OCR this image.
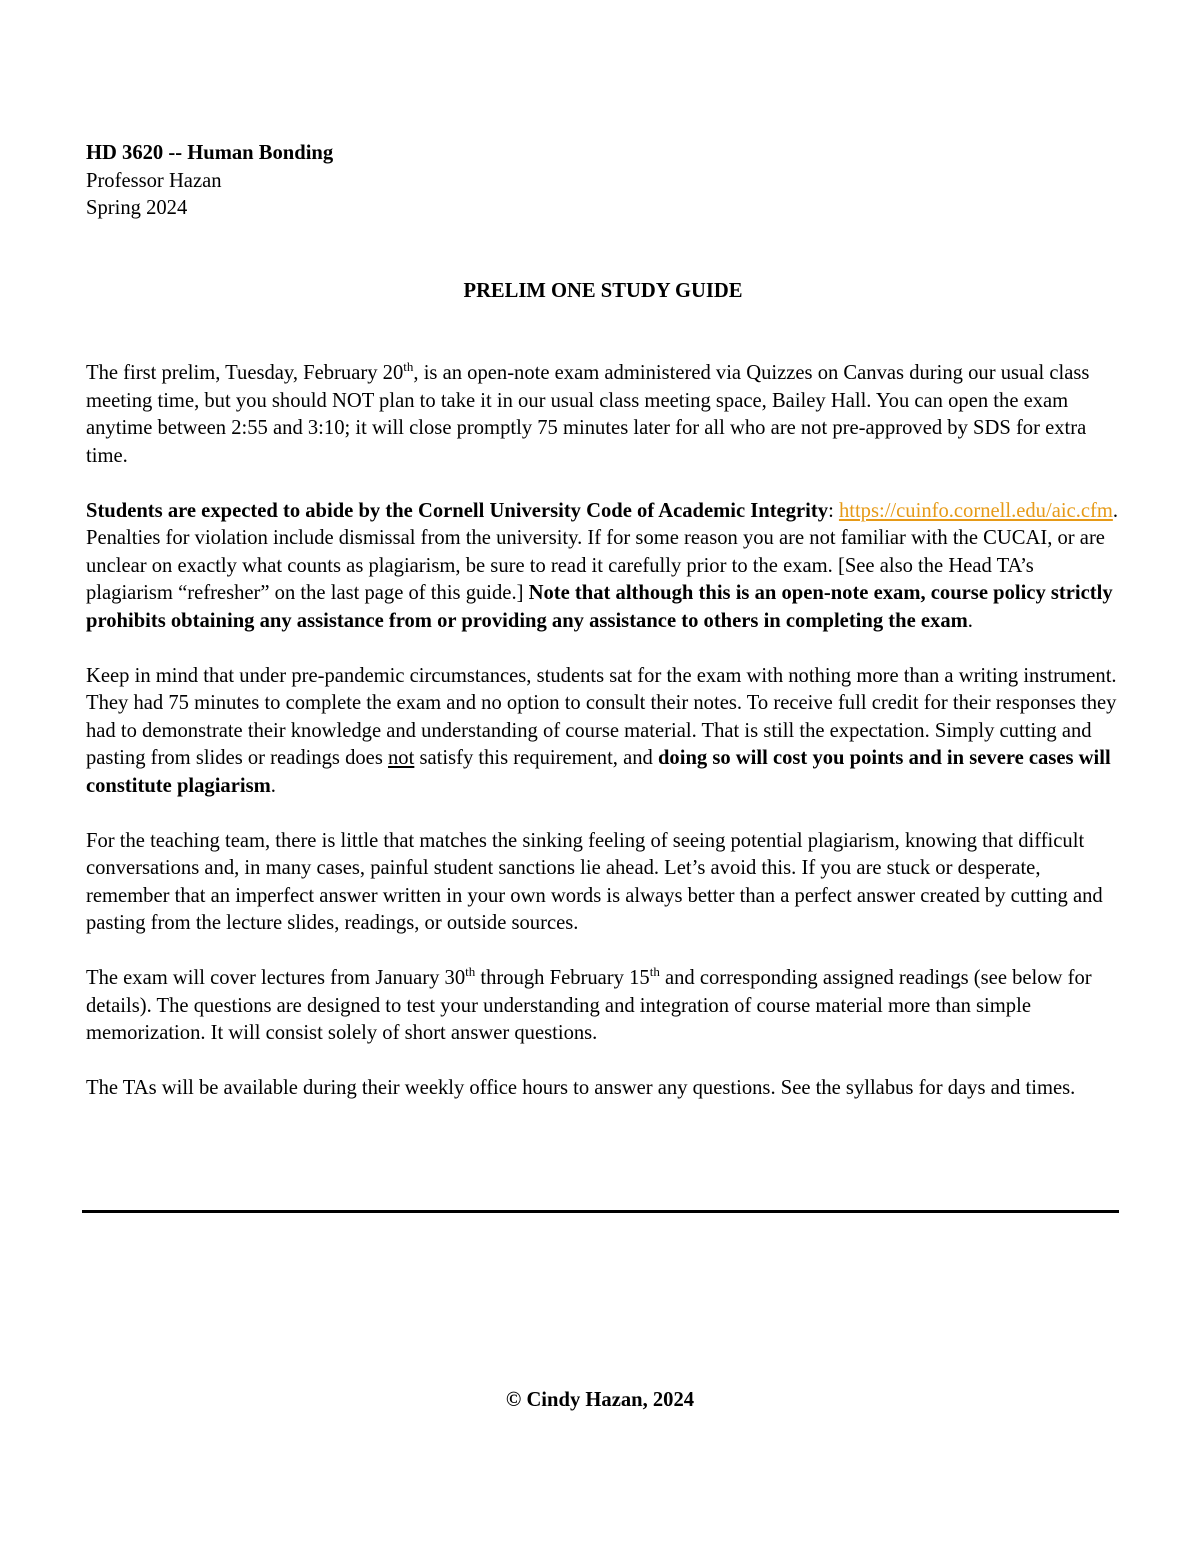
HD 3620 -- Human Bonding

Professor Hazan

Spring 2024

PRELIM ONE STUDY GUIDE

The first prelim, Tuesday, February 20th, is an open-note exam administered via Quizzes on Canvas during our usual class meeting time, but you should NOT plan to take it in our usual class meeting space, Bailey Hall. You can open the exam anytime between 2:55 and 3:10; it will close promptly 75 minutes later for all who are not pre-approved by SDS for extra time.

Students are expected to abide by the Cornell University Code of Academic Integrity: https://cuinfo.cornell.edu/aic.cfm. Penalties for violation include dismissal from the university. If for some reason you are not familiar with the CUCAI, or are unclear on exactly what counts as plagiarism, be sure to read it carefully prior to the exam. [See also the Head TA’s plagiarism “refresher” on the last page of this guide.] Note that although this is an open-note exam, course policy strictly prohibits obtaining any assistance from or providing any assistance to others in completing the exam.

Keep in mind that under pre-pandemic circumstances, students sat for the exam with nothing more than a writing instrument. They had 75 minutes to complete the exam and no option to consult their notes. To receive full credit for their responses they had to demonstrate their knowledge and understanding of course material. That is still the expectation. Simply cutting and pasting from slides or readings does not satisfy this requirement, and doing so will cost you points and in severe cases will constitute plagiarism.

For the teaching team, there is little that matches the sinking feeling of seeing potential plagiarism, knowing that difficult conversations and, in many cases, painful student sanctions lie ahead. Let’s avoid this. If you are stuck or desperate, remember that an imperfect answer written in your own words is always better than a perfect answer created by cutting and pasting from the lecture slides, readings, or outside sources.

The exam will cover lectures from January 30th through February 15th and corresponding assigned readings (see below for details). The questions are designed to test your understanding and integration of course material more than simple memorization. It will consist solely of short answer questions.

The TAs will be available during their weekly office hours to answer any questions. See the syllabus for days and times.

© Cindy Hazan, 2024
